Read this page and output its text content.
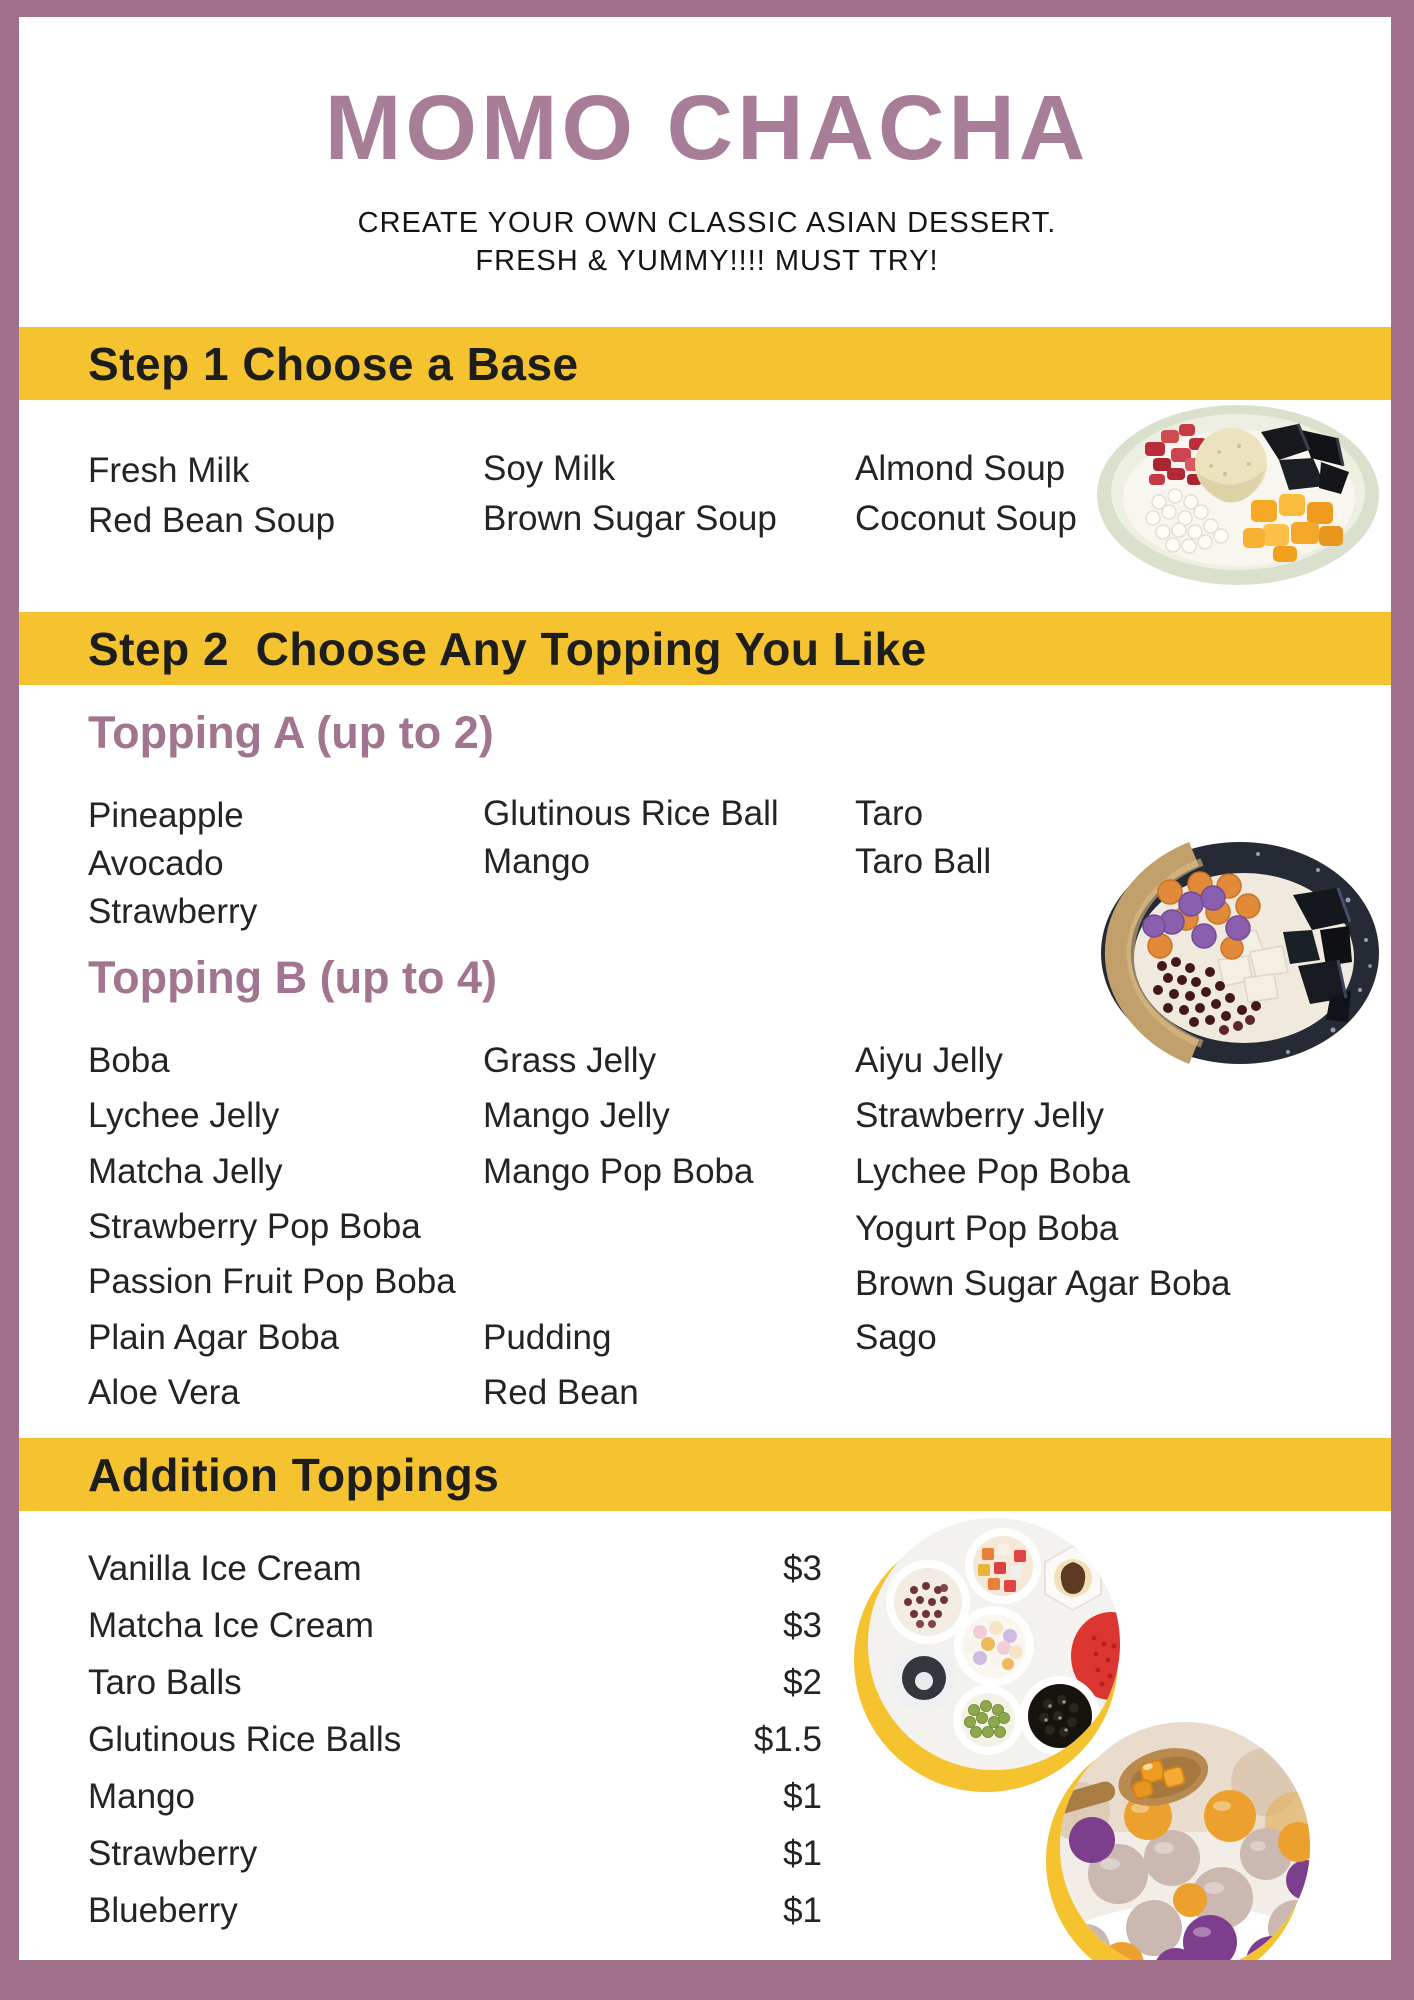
MOMO CHACHA
CREATE YOUR OWN CLASSIC ASIAN DESSERT.
FRESH & YUMMY!!!! MUST TRY!
Step 1 Choose a Base
Fresh Milk
Red Bean Soup
Soy Milk
Brown Sugar Soup
Almond Soup
Coconut Soup
Step 2  Choose Any Topping You Like
Topping A (up to 2)
Pineapple
Avocado
Strawberry
Glutinous Rice Ball
Mango
Taro
Taro Ball
Topping B (up to 4)
Boba
Lychee Jelly
Matcha Jelly
Strawberry Pop Boba
Passion Fruit Pop Boba
Plain Agar Boba
Aloe Vera
Grass Jelly
Mango Jelly
Mango Pop Boba
Pudding
Red Bean
Aiyu Jelly
Strawberry Jelly
Lychee Pop Boba
Yogurt Pop Boba
Brown Sugar Agar Boba
Sago
Addition Toppings
Vanilla Ice Cream	$3
Matcha Ice Cream	$3
Taro Balls	$2
Glutinous Rice Balls	$1.5
Mango	$1
Strawberry	$1
Blueberry	$1
